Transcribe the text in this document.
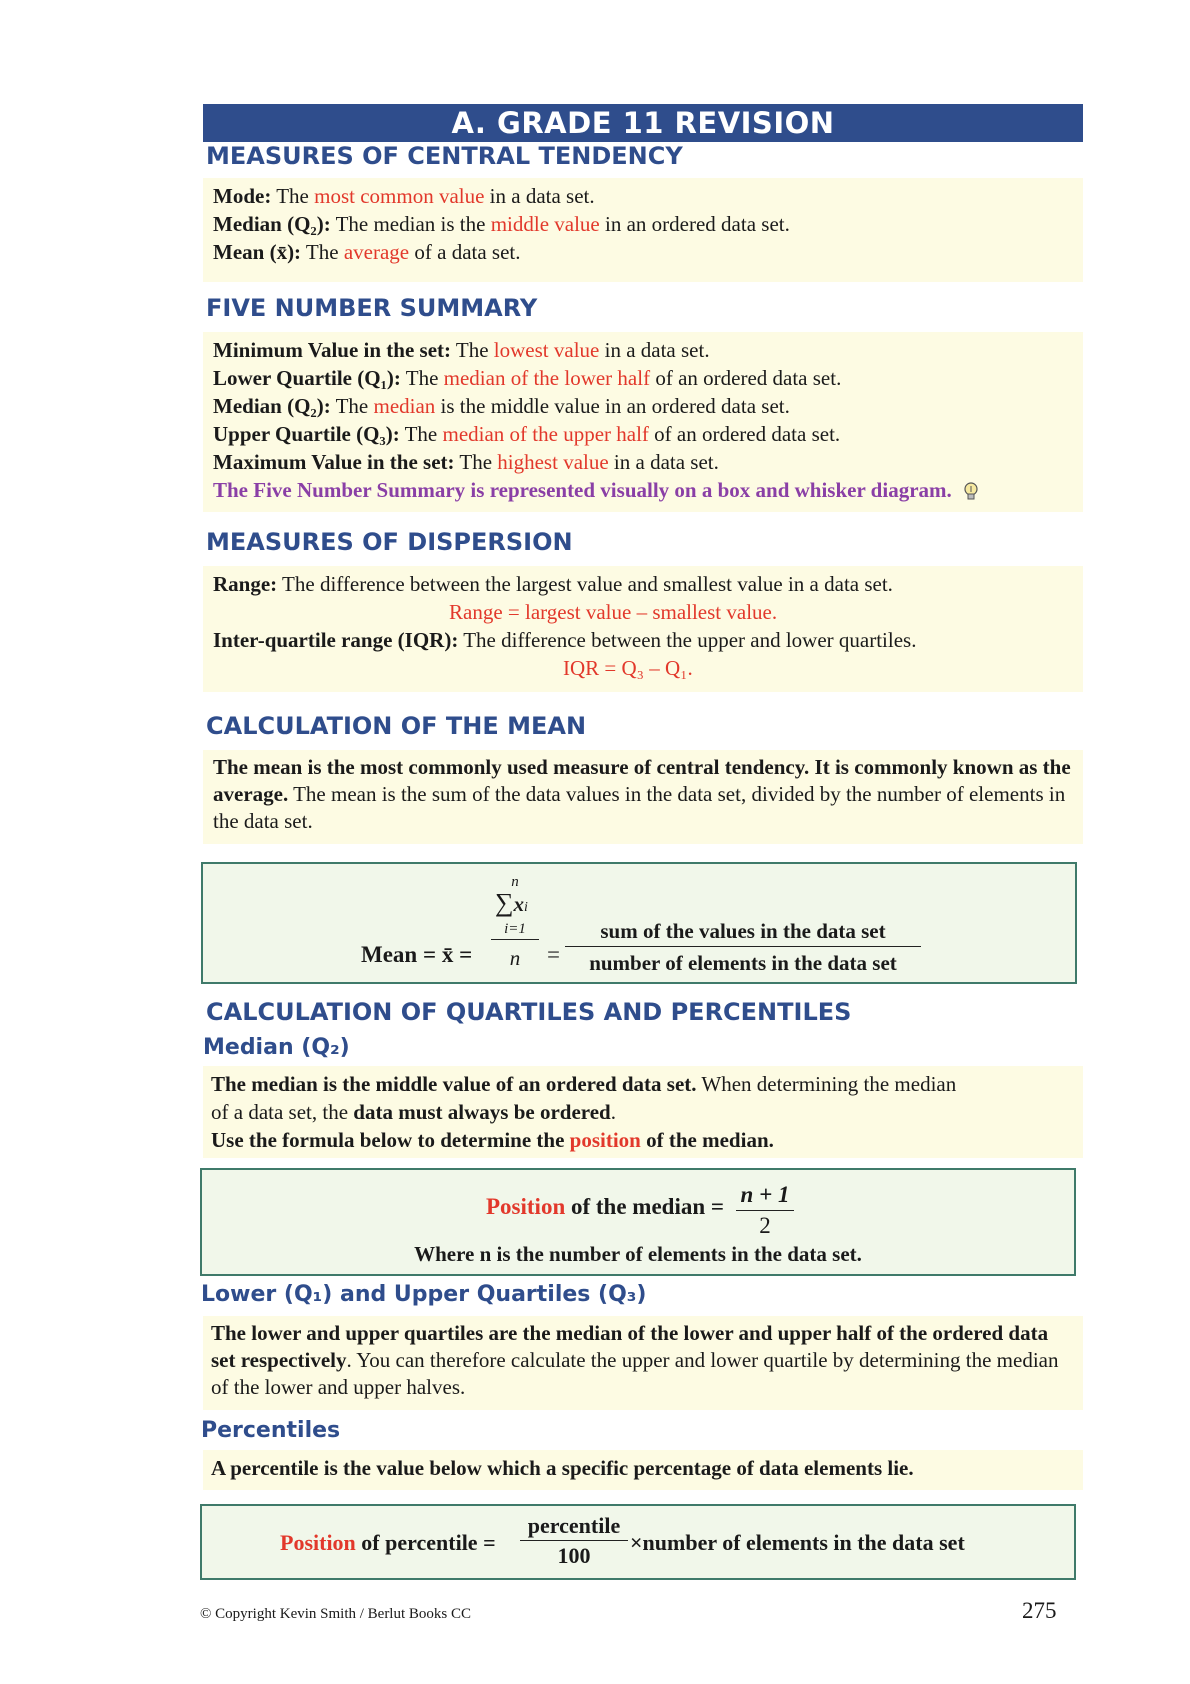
A. GRADE 11 REVISION
MEASURES OF CENTRAL TENDENCY

Mode: The most common value in a data set.

Median (Q₂): The median is the middle value in an ordered data set.

Mean (x̄): The average of a data set.

FIVE NUMBER SUMMARY

Minimum Value in the set: The lowest value in a data set.

Lower Quartile (Q₁): The median of the lower half of an ordered data set.

Median (Q₂): The median is the middle value in an ordered data set.

Upper Quartile (Q₃): The median of the upper half of an ordered data set.

Maximum Value in the set: The highest value in a data set.

The Five Number Summary is represented visually on a box and whisker diagram.

MEASURES OF DISPERSION

Range: The difference between the largest value and smallest value in a data set.

Range = largest value – smallest value.

Inter-quartile range (IQR): The difference between the upper and lower quartiles.

IQR = Q₃ – Q₁.

CALCULATION OF THE MEAN
The mean is the most commonly used measure of central tendency. It is commonly known as the average. The mean is the sum of the data values in the data set, divided by the number of elements in the data set.
Mean = x̄ =
n
∑xi
i=1
n	=
sum of the values in the data set
number of elements in the data set
CALCULATION OF QUARTILES AND PERCENTILES
Median (Q₂)

The median is the middle value of an ordered data set. When determining the median

of a data set, the data must always be ordered.

Use the formula below to determine the position of the median.

Position of the median = n + 1
2
Where n is the number of elements in the data set.
Lower (Q₁) and Upper Quartiles (Q₃)
The lower and upper quartiles are the median of the lower and upper half of the ordered data set respectively. You can therefore calculate the upper and lower quartile by determining the median of the lower and upper halves.
Percentiles

A percentile is the value below which a specific percentage of data elements lie.

Position of percentile =
percentile
100
×number of elements in the data set
© Copyright Kevin Smith / Berlut Books CC	275
